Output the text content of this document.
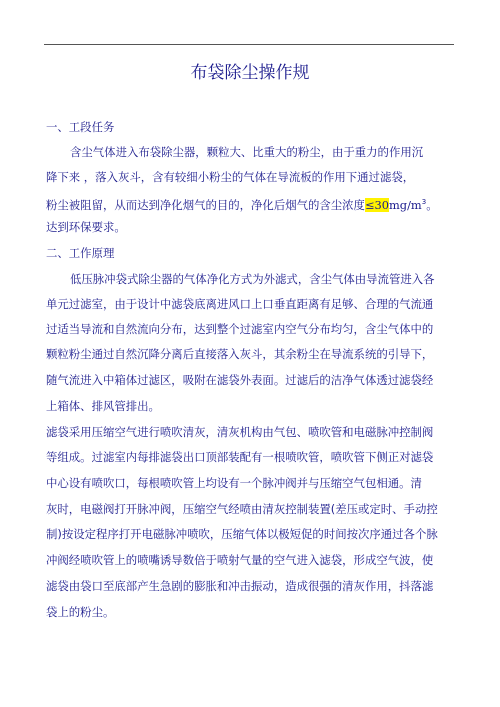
布袋除尘操作规
一、工段任务
含尘气体进入布袋除尘器，颗粒大、比重大的粉尘，由于重力的作用沉
降下来 ，落入灰斗，含有较细小粉尘的气体在导流板的作用下通过滤袋，
粉尘被阻留，从而达到净化烟气的目的，净化后烟气的含尘浓度$\le 30mg/m^3$。
达到环保要求。
二、工作原理
低压脉冲袋式除尘器的气体净化方式为外滤式，含尘气体由导流管进入各
单元过滤室，由于设计中滤袋底离进风口上口垂直距离有足够、合理的气流通
过适当导流和自然流向分布，达到整个过滤室内空气分布均匀，含尘气体中的
颗粒粉尘通过自然沉降分离后直接落入灰斗，其余粉尘在导流系统的引导下，
随气流进入中箱体过滤区，吸附在滤袋外表面。过滤后的洁净气体透过滤袋经
上箱体、排风管排出。
滤袋采用压缩空气进行喷吹清灰，清灰机构由气包、喷吹管和电磁脉冲控制阀
等组成。过滤室内每排滤袋出口顶部装配有一根喷吹管，喷吹管下侧正对滤袋
中心设有喷吹口，每根喷吹管上均设有一个脉冲阀并与压缩空气包相通。清
灰时，电磁阀打开脉冲阀，压缩空气经喷由清灰控制装置(差压或定时、手动控
制)按设定程序打开电磁脉冲喷吹，压缩气体以极短促的时间按次序通过各个脉
冲阀经喷吹管上的喷嘴诱导数倍于喷射气量的空气进入滤袋，形成空气波，使
滤袋由袋口至底部产生急剧的膨胀和冲击振动，造成很强的清灰作用，抖落滤
袋上的粉尘。
